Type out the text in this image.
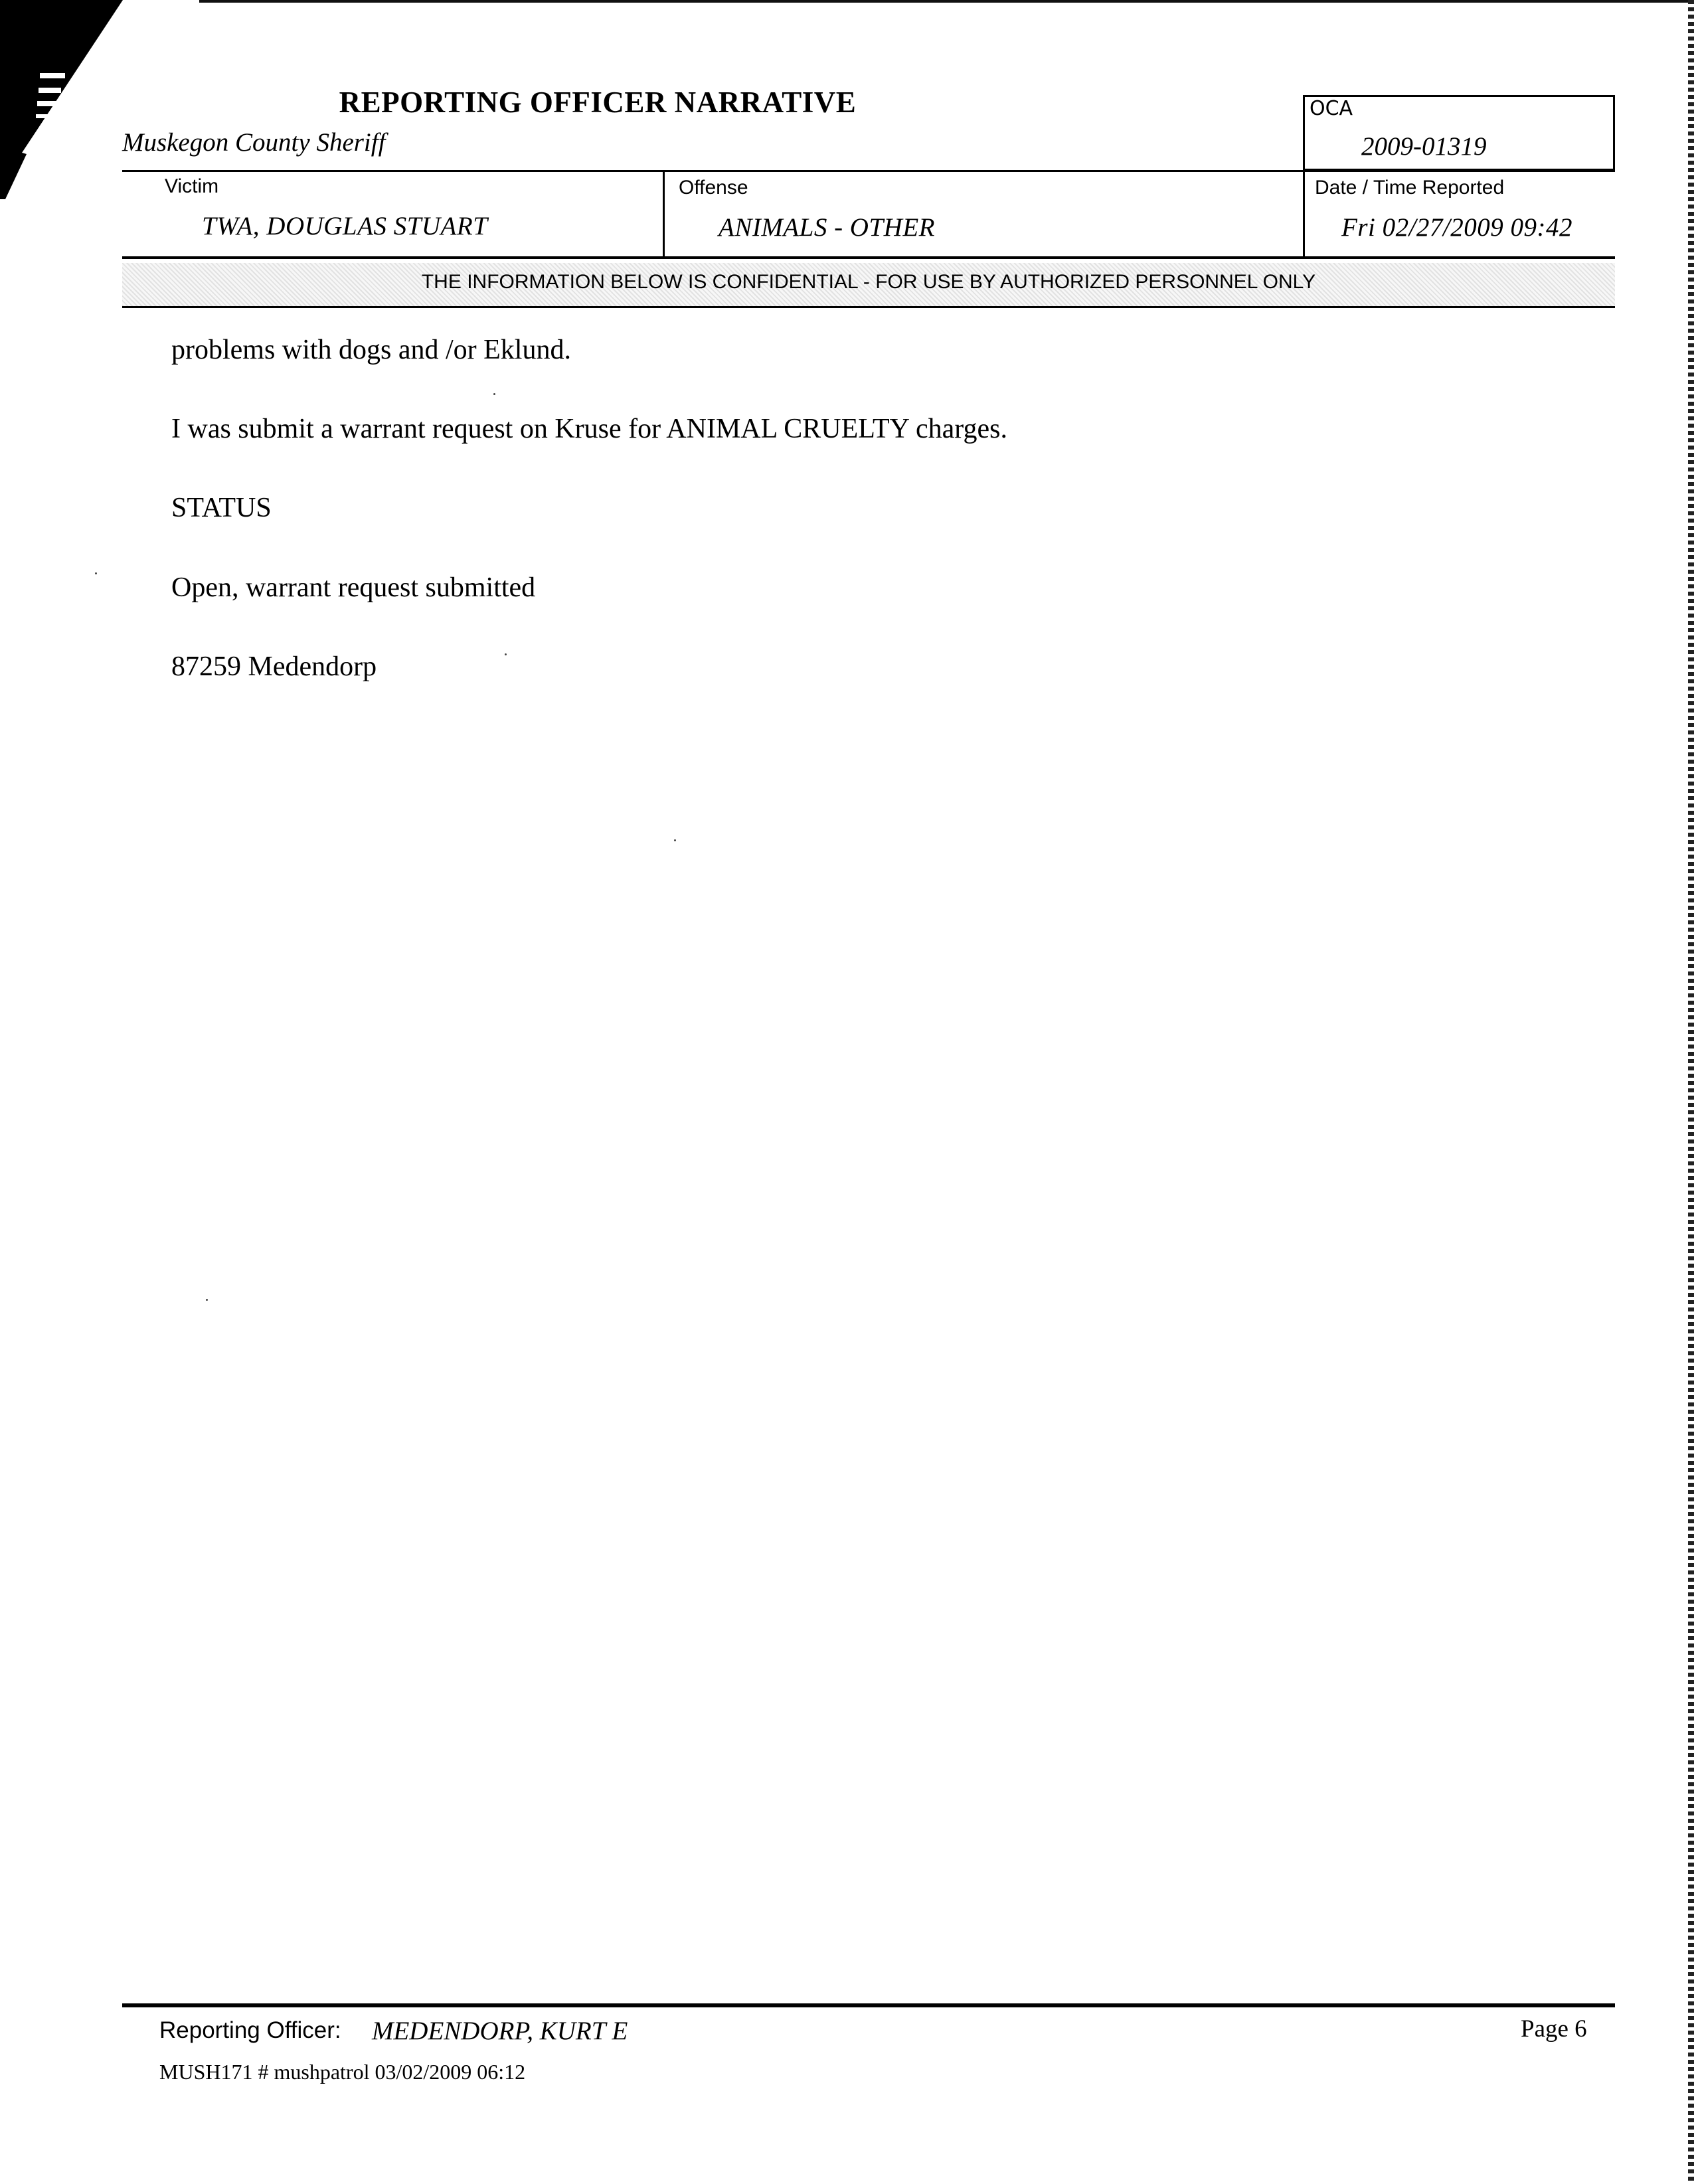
REPORTING OFFICER NARRATIVE
Muskegon County Sheriff
OCA
2009-01319
Victim
TWA, DOUGLAS STUART
Offense
ANIMALS - OTHER
Date / Time Reported
Fri 02/27/2009 09:42
THE INFORMATION BELOW IS CONFIDENTIAL - FOR USE BY AUTHORIZED PERSONNEL ONLY
problems with dogs and /or Eklund.
I was submit a warrant request on Kruse for ANIMAL CRUELTY charges.
STATUS
Open, warrant request submitted
87259 Medendorp
Reporting Officer: MEDENDORP, KURT E	Page 6
MUSH171 # mushpatrol 03/02/2009 06:12
